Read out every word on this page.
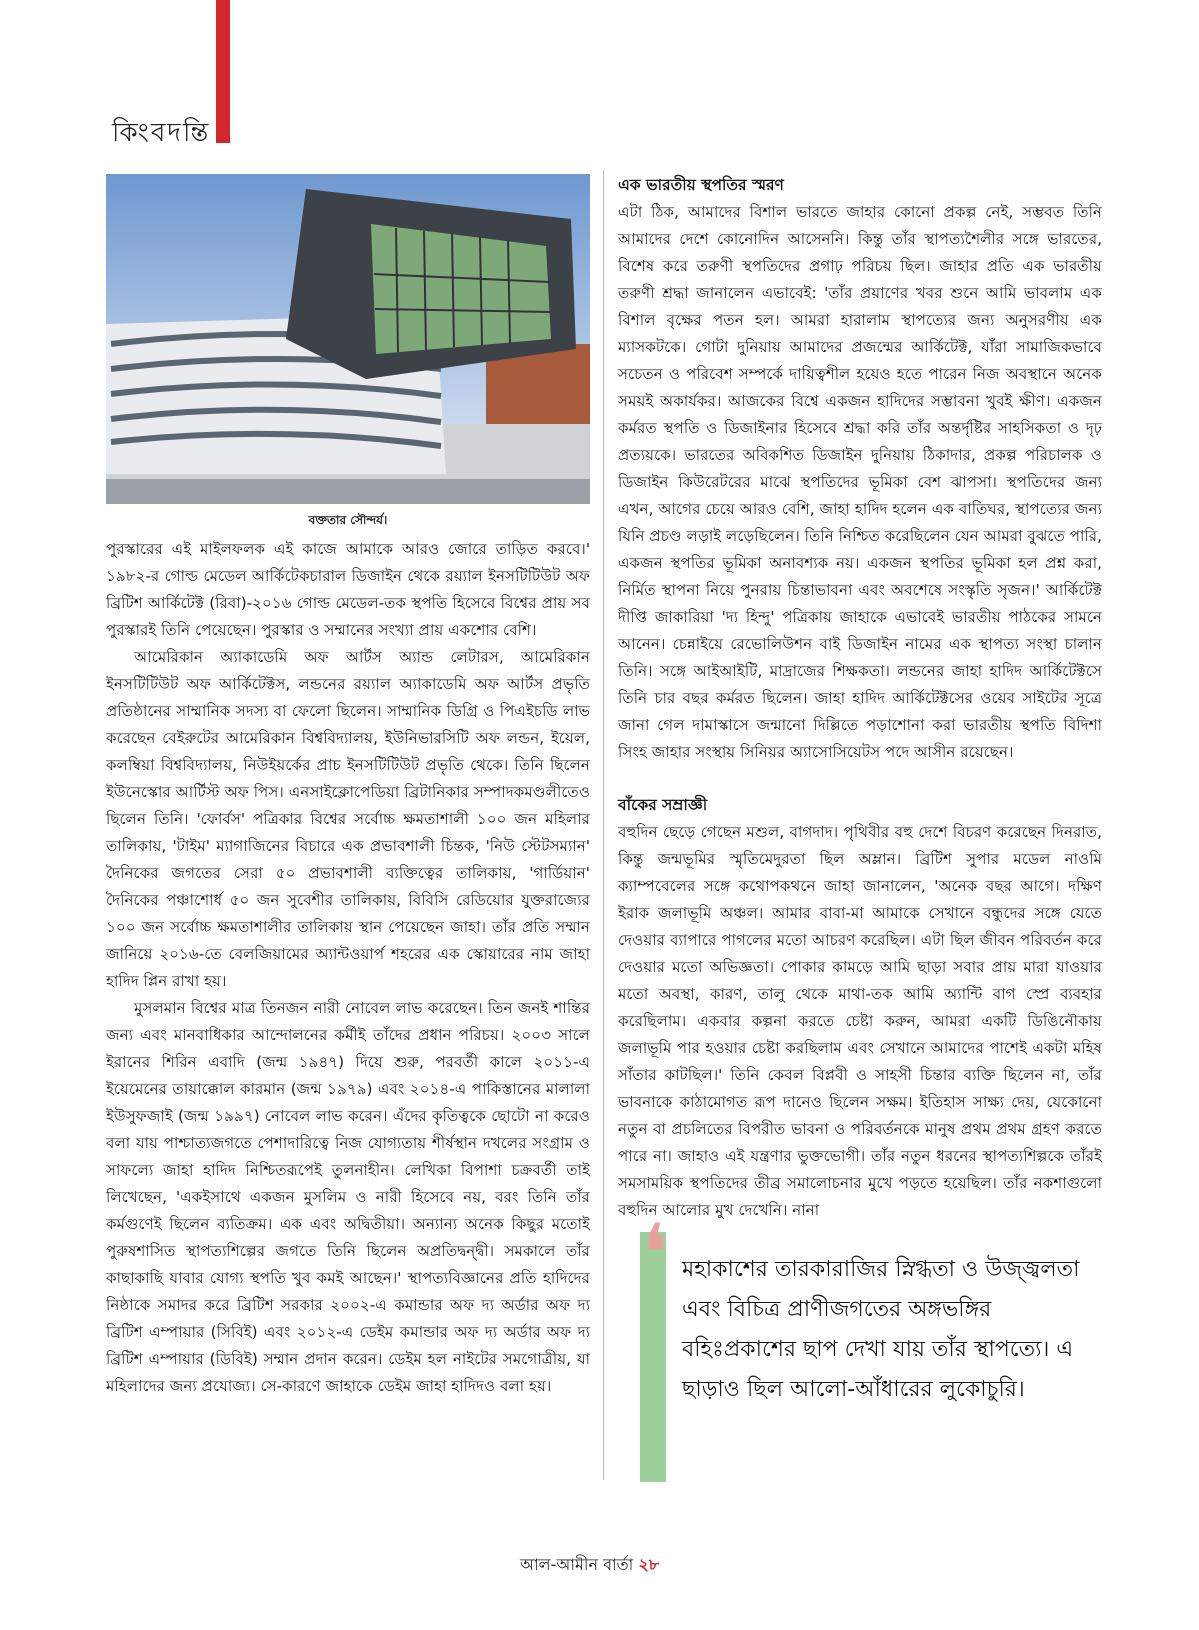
কিংবদন্তি
বক্ততার সৌন্দর্য।

পুরস্কারের এই মাইলফলক এই কাজে আমাকে আরও জোরে তাড়িত করবে।' ১৯৮২-র গোল্ড মেডেল আর্কিটেকচারাল ডিজাইন থেকে রয়্যাল ইনসটিটিউট অফ ব্রিটিশ আর্কিটেক্ট (রিবা)-২০১৬ গোল্ড মেডেল-তক স্থপতি হিসেবে বিশ্বের প্রায় সব পুরস্কারই তিনি পেয়েছেন। পুরস্কার ও সম্মানের সংখ্যা প্রায় একশোর বেশি।

আমেরিকান অ্যাকাডেমি অফ আর্টস অ্যান্ড লেটারস, আমেরিকান ইনসটিটিউট অফ আর্কিটেক্টস, লন্ডনের রয়্যাল অ্যাকাডেমি অফ আর্টস প্রভৃতি প্রতিষ্ঠানের সাম্মানিক সদস্য বা ফেলো ছিলেন। সাম্মানিক ডিগ্রি ও পিএইচডি লাভ করেছেন বেইরুটের আমেরিকান বিশ্ববিদ্যালয়, ইউনিভারসিটি অফ লন্ডন, ইয়েল, কলম্বিয়া বিশ্ববিদ্যালয়, নিউইয়র্কের প্রাচ ইনসটিটিউট প্রভৃতি থেকে। তিনি ছিলেন ইউনেস্কোর আর্টিস্ট অফ পিস। এনসাইক্লোপেডিয়া ব্রিটানিকার সম্পাদকমণ্ডলীতেও ছিলেন তিনি। 'ফোর্বস' পত্রিকার বিশ্বের সর্বোচ্চ ক্ষমতাশালী ১০০ জন মহিলার তালিকায়, 'টাইম' ম্যাগাজিনের বিচারে এক প্রভাবশালী চিন্তক, 'নিউ স্টেটসম্যান' দৈনিকের জগতের সেরা ৫০ প্রভাবশালী ব্যক্তিত্বের তালিকায়, 'গার্ডিয়ান' দৈনিকের পঞ্চাশোর্ধ ৫০ জন সুবেশীর তালিকায়, বিবিসি রেডিয়োর যুক্তরাজ্যের ১০০ জন সর্বোচ্চ ক্ষমতাশালীর তালিকায় স্থান পেয়েছেন জাহা। তাঁর প্রতি সম্মান জানিয়ে ২০১৬-তে বেলজিয়ামের অ্যান্টওয়ার্প শহরের এক স্কোয়ারের নাম জাহা হাদিদ প্লিন রাখা হয়।

মুসলমান বিশ্বের মাত্র তিনজন নারী নোবেল লাভ করেছেন। তিন জনই শান্তির জন্য এবং মানবাধিকার আন্দোলনের কর্মীই তাঁদের প্রধান পরিচয়। ২০০৩ সালে ইরানের শিরিন এবাদি (জন্ম ১৯৪৭) দিয়ে শুরু, পরবর্তী কালে ২০১১-এ ইয়েমেনের তায়াক্কোল কারমান (জন্ম ১৯৭৯) এবং ২০১৪-এ পাকিস্তানের মালালা ইউসুফজাই (জন্ম ১৯৯৭) নোবেল লাভ করেন। এঁদের কৃতিত্বকে ছোটো না করেও বলা যায় পাশ্চাত্যজগতে পেশাদারিত্বে নিজ যোগ্যতায় শীর্ষস্থান দখলের সংগ্রাম ও সাফল্যে জাহা হাদিদ নিশ্চিতরূপেই তুলনাহীন। লেখিকা বিপাশা চক্রবর্তী তাই লিখেছেন, 'একইসাথে একজন মুসলিম ও নারী হিসেবে নয়, বরং তিনি তাঁর কর্মগুণেই ছিলেন ব্যতিক্রম। এক এবং অদ্বিতীয়া। অন্যান্য অনেক কিছুর মতোই পুরুষশাসিত স্থাপত্যশিল্পের জগতে তিনি ছিলেন অপ্রতিদ্বন্দ্বী। সমকালে তাঁর কাছাকাছি যাবার যোগ্য স্থপতি খুব কমই আছেন।' স্থাপত্যবিজ্ঞানের প্রতি হাদিদের নিষ্ঠাকে সমাদর করে ব্রিটিশ সরকার ২০০২-এ কমান্ডার অফ দ্য অর্ডার অফ দ্য ব্রিটিশ এম্পায়ার (সিবিই) এবং ২০১২-এ ডেইম কমান্ডার অফ দ্য অর্ডার অফ দ্য ব্রিটিশ এম্পায়ার (ডিবিই) সম্মান প্রদান করেন। ডেইম হল নাইটের সমগোত্রীয়, যা মহিলাদের জন্য প্রযোজ্য। সে-কারণে জাহাকে ডেইম জাহা হাদিদও বলা হয়।

এক ভারতীয় স্থপতির স্মরণ

এটা ঠিক, আমাদের বিশাল ভারতে জাহার কোনো প্রকল্প নেই, সম্ভবত তিনি আমাদের দেশে কোনোদিন আসেননি। কিন্তু তাঁর স্থাপত্যশৈলীর সঙ্গে ভারতের, বিশেষ করে তরুণী স্থপতিদের প্রগাঢ় পরিচয় ছিল। জাহার প্রতি এক ভারতীয় তরুণী শ্রদ্ধা জানালেন এভাবেই: 'তাঁর প্রয়াণের খবর শুনে আমি ভাবলাম এক বিশাল বৃক্ষের পতন হল। আমরা হারালাম স্থাপত্যের জন্য অনুসরণীয় এক ম্যাসকটকে। গোটা দুনিয়ায় আমাদের প্রজন্মের আর্কিটেক্ট, যাঁরা সামাজিকভাবে সচেতন ও পরিবেশ সম্পর্কে দায়িত্বশীল হয়েও হতে পারেন নিজ অবস্থানে অনেক সময়ই অকার্যকর। আজকের বিশ্বে একজন হাদিদের সম্ভাবনা খুবই ক্ষীণ। একজন কর্মরত স্থপতি ও ডিজাইনার হিসেবে শ্রদ্ধা করি তাঁর অন্তর্দৃষ্টির সাহসিকতা ও দৃঢ় প্রত্যয়কে। ভারতের অবিকশিত ডিজাইন দুনিয়ায় ঠিকাদার, প্রকল্প পরিচালক ও ডিজাইন কিউরেটরের মাঝে স্থপতিদের ভূমিকা বেশ ঝাপসা। স্থপতিদের জন্য এখন, আগের চেয়ে আরও বেশি, জাহা হাদিদ হলেন এক বাতিঘর, স্থাপত্যের জন্য যিনি প্রচণ্ড লড়াই লড়েছিলেন। তিনি নিশ্চিত করেছিলেন যেন আমরা বুঝতে পারি, একজন স্থপতির ভূমিকা অনাবশ্যক নয়। একজন স্থপতির ভূমিকা হল প্রশ্ন করা, নির্মিত স্থাপনা নিয়ে পুনরায় চিন্তাভাবনা এবং অবশেষে সংস্কৃতি সৃজন।' আর্কিটেক্ট দীপ্তি জাকারিয়া 'দ্য হিন্দু' পত্রিকায় জাহাকে এভাবেই ভারতীয় পাঠকের সামনে আনেন। চেন্নাইয়ে রেভোলিউশন বাই ডিজাইন নামের এক স্থাপত্য সংস্থা চালান তিনি। সঙ্গে আইআইটি, মাদ্রাজের শিক্ষকতা। লন্ডনের জাহা হাদিদ আর্কিটেক্টসে তিনি চার বছর কর্মরত ছিলেন। জাহা হাদিদ আর্কিটেক্টসের ওয়েব সাইটের সূত্রে জানা গেল দামাস্কাসে জন্মানো দিল্লিতে পড়াশোনা করা ভারতীয় স্থপতি বিদিশা সিংহ জাহার সংস্থায় সিনিয়র অ্যাসোসিয়েটস পদে আসীন রয়েছেন।

বাঁকের সম্রাজ্ঞী

বহুদিন ছেড়ে গেছেন মশুল, বাগদাদ। পৃথিবীর বহু দেশে বিচরণ করেছেন দিনরাত, কিন্তু জন্মভূমির স্মৃতিমেদুরতা ছিল অম্লান। ব্রিটিশ সুপার মডেল নাওমি ক্যাম্পবেলের সঙ্গে কথোপকথনে জাহা জানালেন, 'অনেক বছর আগে। দক্ষিণ ইরাক জলাভূমি অঞ্চল। আমার বাবা-মা আমাকে সেখানে বন্ধুদের সঙ্গে যেতে দেওয়ার ব্যাপারে পাগলের মতো আচরণ করেছিল। এটা ছিল জীবন পরিবর্তন করে দেওয়ার মতো অভিজ্ঞতা। পোকার কামড়ে আমি ছাড়া সবার প্রায় মারা যাওয়ার মতো অবস্থা, কারণ, তালু থেকে মাথা-তক আমি অ্যান্টি বাগ স্প্রে ব্যবহার করেছিলাম। একবার কল্পনা করতে চেষ্টা করুন, আমরা একটি ডিঙিনৌকায় জলাভূমি পার হওয়ার চেষ্টা করছিলাম এবং সেখানে আমাদের পাশেই একটা মহিষ সাঁতার কাটছিল।' তিনি কেবল বিপ্লবী ও সাহসী চিন্তার ব্যক্তি ছিলেন না, তাঁর ভাবনাকে কাঠামোগত রূপ দানেও ছিলেন সক্ষম। ইতিহাস সাক্ষ্য দেয়, যেকোনো নতুন বা প্রচলিতের বিপরীত ভাবনা ও পরিবর্তনকে মানুষ প্রথম প্রথম গ্রহণ করতে পারে না। জাহাও এই যন্ত্রণার ভুক্তভোগী। তাঁর নতুন ধরনের স্থাপত্যশিল্পকে তাঁরই সমসাময়িক স্থপতিদের তীব্র সমালোচনার মুখে পড়তে হয়েছিল। তাঁর নকশাগুলো বহুদিন আলোর মুখ দেখেনি। নানা

❛ মহাকাশের তারকারাজির স্নিগ্ধতা ও উজ্জ্বলতা এবং বিচিত্র প্রাণীজগতের অঙ্গভঙ্গির বহিঃপ্রকাশের ছাপ দেখা যায় তাঁর স্থাপত্যে। এ ছাড়াও ছিল আলো-আঁধারের লুকোচুরি।
আল-আমীন বার্তা ২৮
